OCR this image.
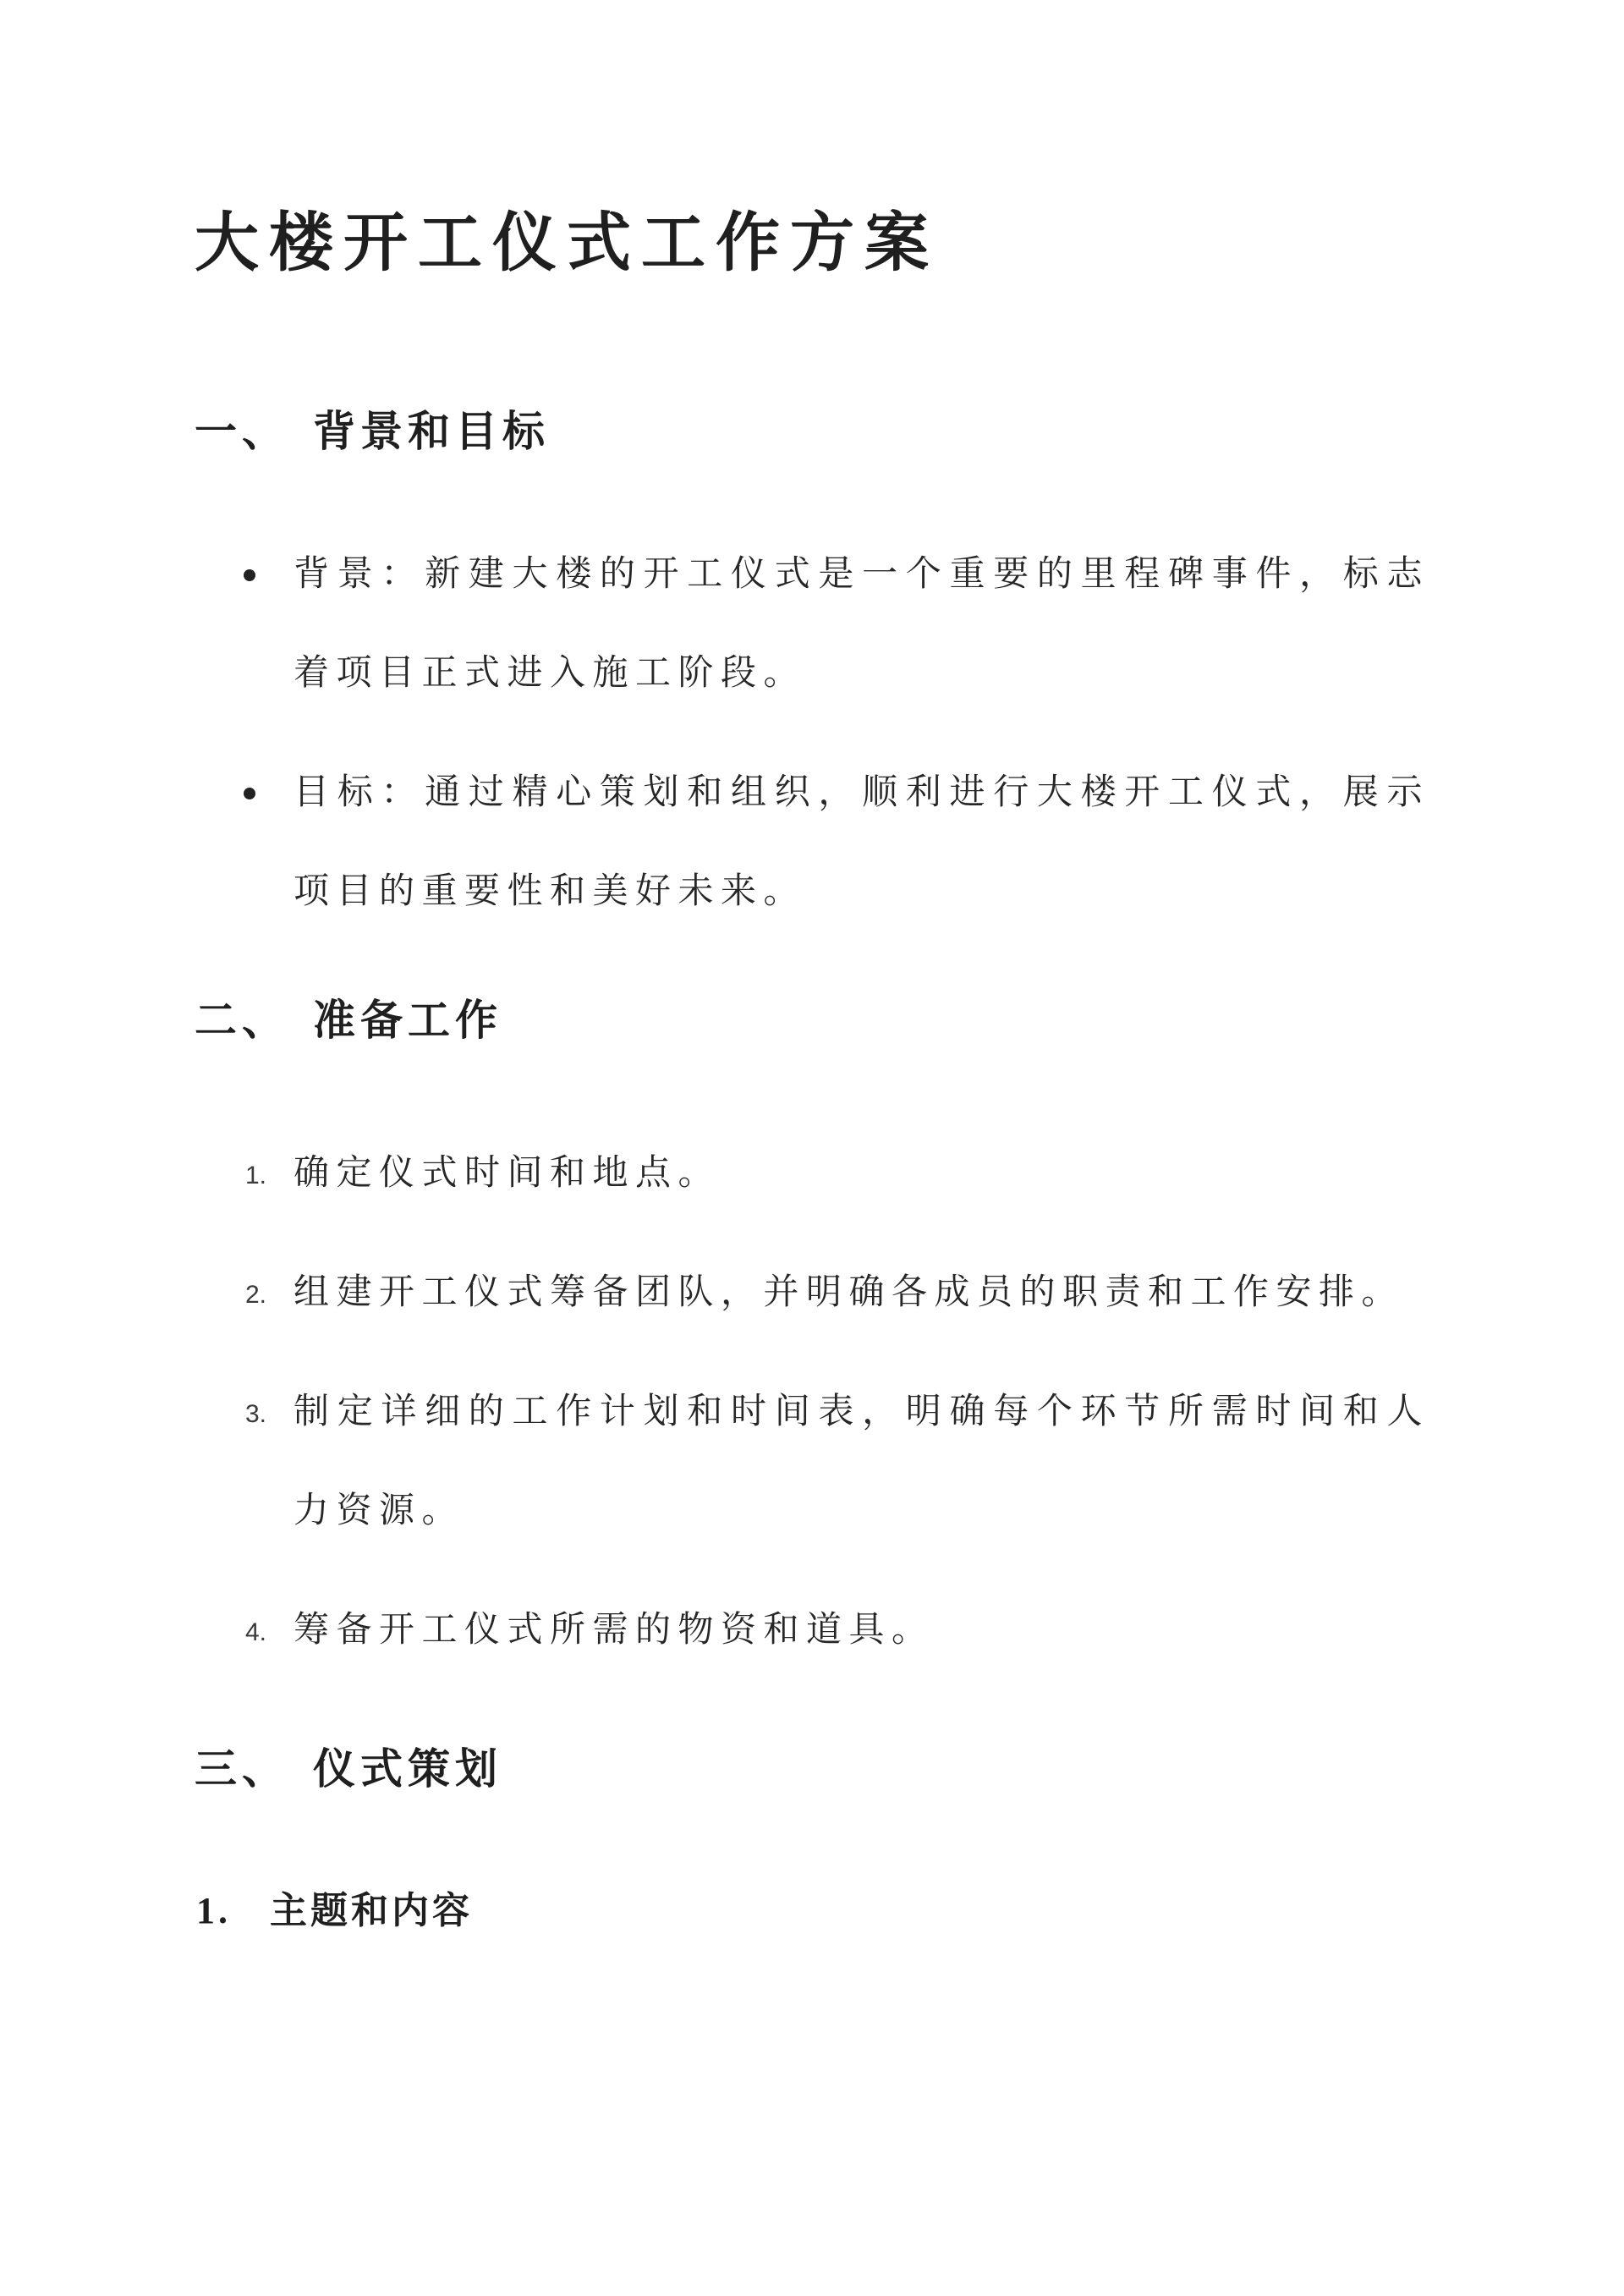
大楼开工仪式工作方案
一、 背景和目标
背景：新建大楼的开工仪式是一个重要的里程碑事件，标志着项目正式进入施工阶段。
目标：通过精心策划和组织，顺利进行大楼开工仪式，展示项目的重要性和美好未来。
二、 准备工作
1. 确定仪式时间和地点。
2. 组建开工仪式筹备团队，并明确各成员的职责和工作安排。
3. 制定详细的工作计划和时间表，明确每个环节所需时间和人力资源。
4. 筹备开工仪式所需的物资和道具。
三、 仪式策划
1. 主题和内容
